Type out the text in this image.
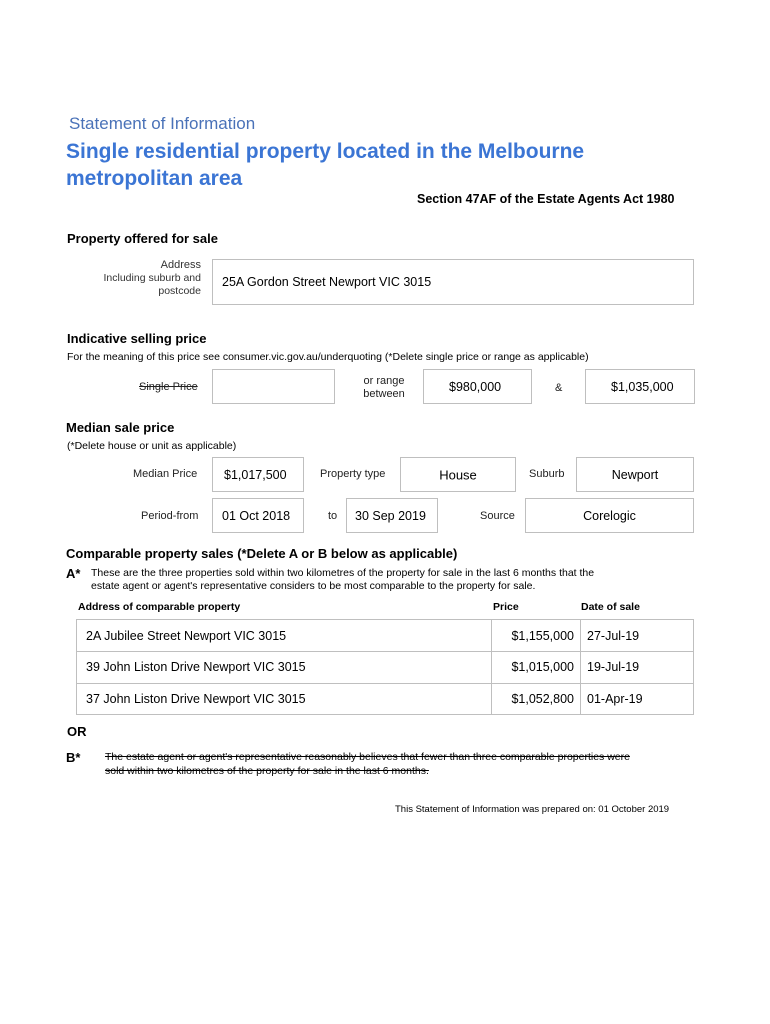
Statement of Information
Single residential property located in the Melbourne metropolitan area
Section 47AF of the Estate Agents Act 1980
Property offered for sale
Address
Including suburb and
postcode
25A Gordon Street Newport VIC 3015
Indicative selling price
For the meaning of this price see consumer.vic.gov.au/underquoting (*Delete single price or range as applicable)
Single Price	or range
between
$980,000	&	$1,035,000
Median sale price
(*Delete house or unit as applicable)
Median Price $1,017,500	Property type	House	Suburb	Newport
Period-from 01 Oct 2018	to 30 Sep 2019	Source	Corelogic
Comparable property sales (*Delete A or B below as applicable)
A* These are the three properties sold within two kilometres of the property for sale in the last 6 months that the
estate agent or agent's representative considers to be most comparable to the property for sale.
Address of comparable property	Price	Date of sale
2A Jubilee Street Newport VIC 3015	$1,155,000 27-Jul-19
39 John Liston Drive Newport VIC 3015	$1,015,000 19-Jul-19
37 John Liston Drive Newport VIC 3015	$1,052,800 01-Apr-19
OR
B* The estate agent or agent's representative reasonably believes that fewer than three comparable properties were
sold within two kilometres of the property for sale in the last 6 months.
This Statement of Information was prepared on: 01 October 2019
